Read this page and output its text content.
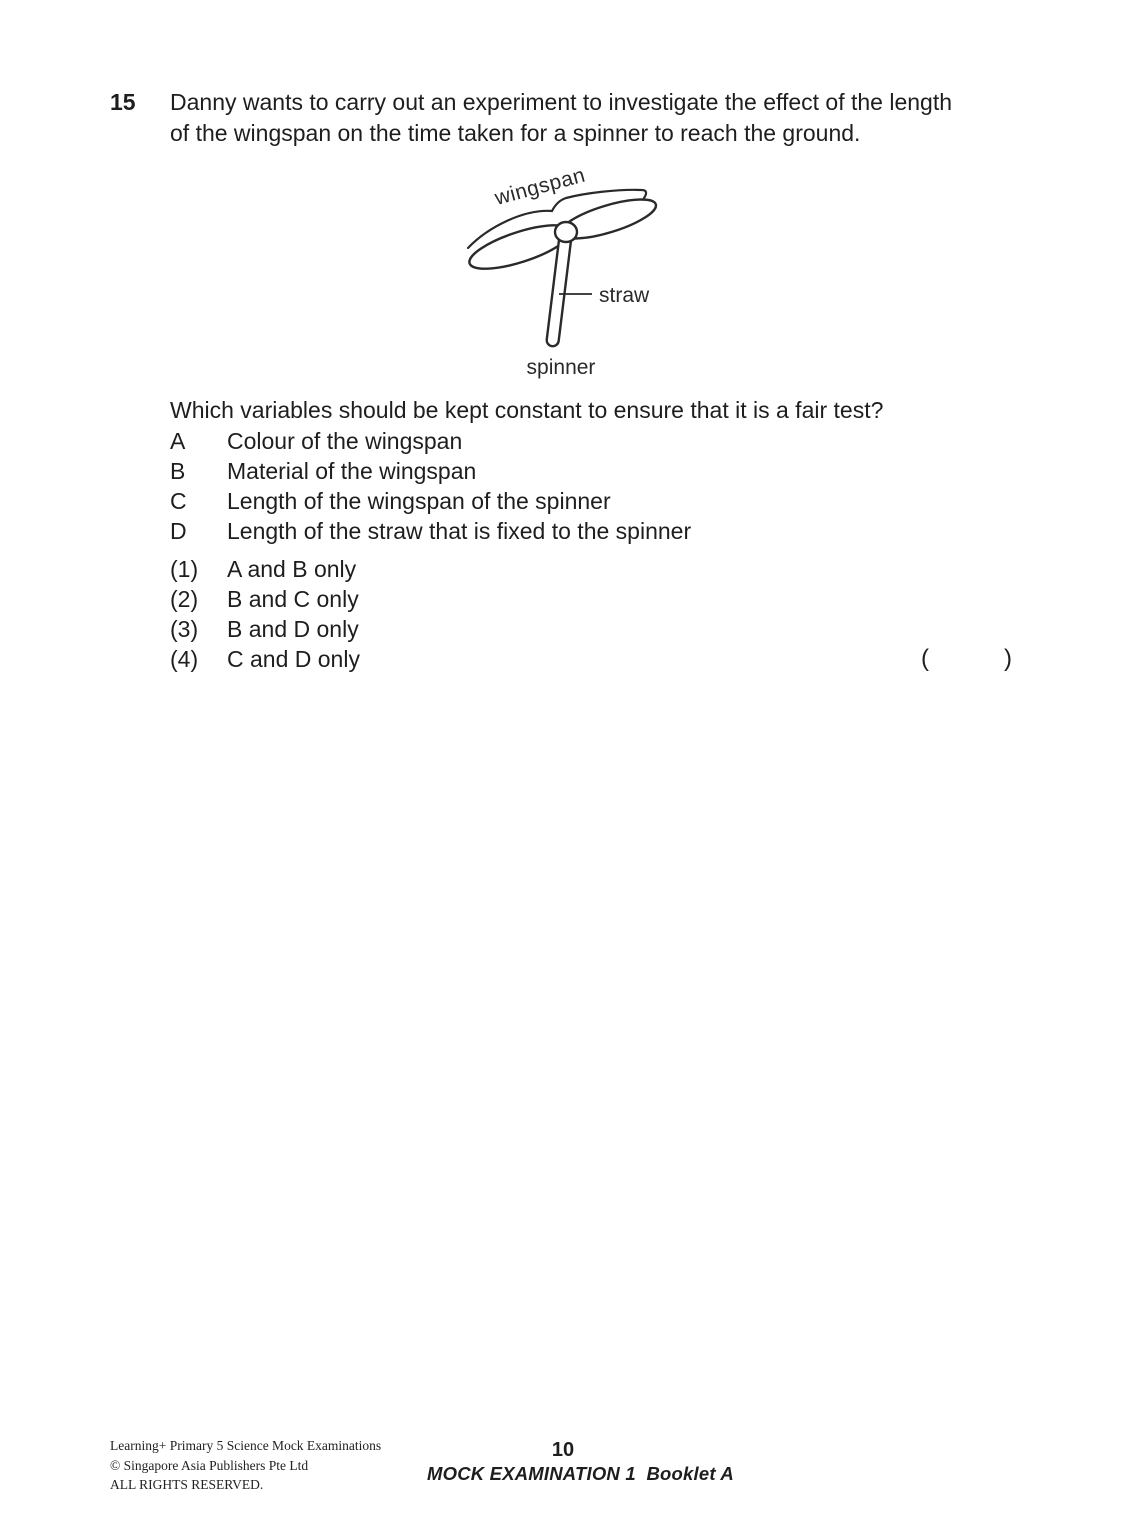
15 Danny wants to carry out an experiment to investigate the effect of the length
of the wingspan on the time taken for a spinner to reach the ground.
wingspan
straw
spinner
Which variables should be kept constant to ensure that it is a fair test?
A	Colour of the wingspan
B	Material of the wingspan
C	Length of the wingspan of the spinner
D	Length of the straw that is fixed to the spinner
(1)	A and B only
(2)	B and C only
(3)	B and D only
(4)	C and D only	(	)
Learning+ Primary 5 Science Mock Examinations
© Singapore Asia Publishers Pte Ltd
ALL RIGHTS RESERVED.
10
MOCK EXAMINATION 1  Booklet A
